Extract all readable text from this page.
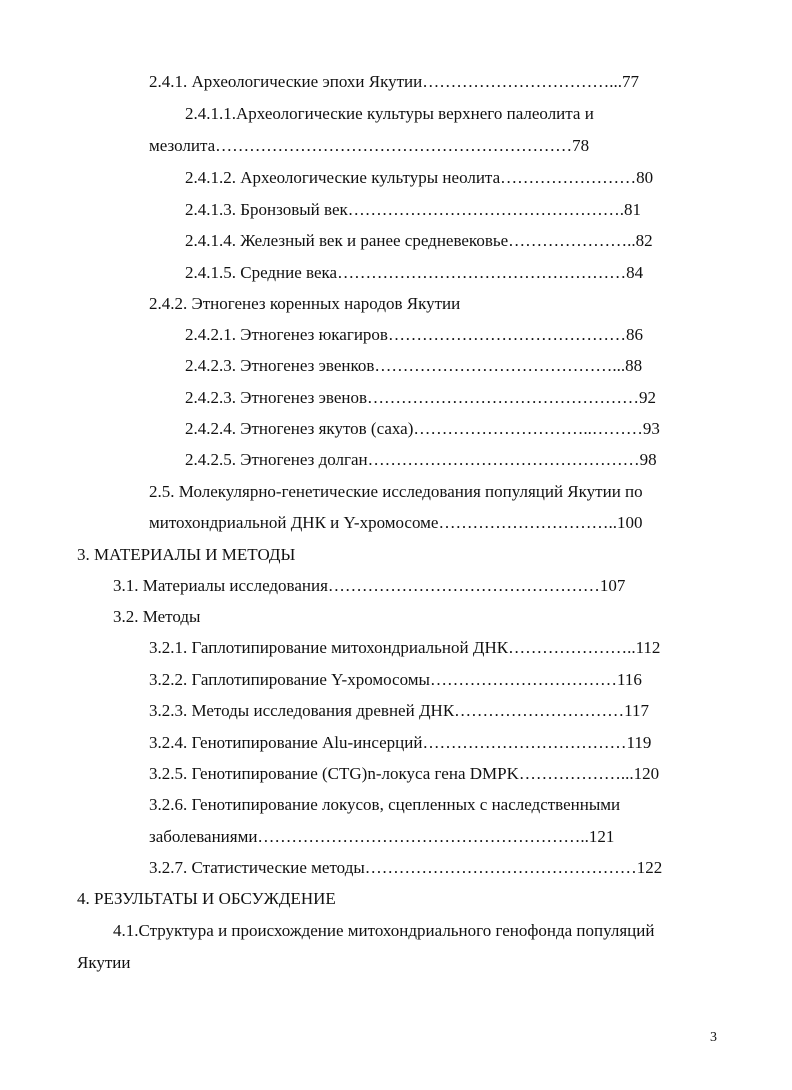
2.4.1. Археологические эпохи Якутии……………………………...77
2.4.1.1.Археологические культуры верхнего палеолита и
мезолита………………………………………………………78
2.4.1.2. Археологические культуры неолита……………………80
2.4.1.3. Бронзовый век………………………………………….81
2.4.1.4. Железный век и ранее средневековье…………………..82
2.4.1.5. Средние века……………………………………………84
2.4.2. Этногенез коренных народов Якутии
2.4.2.1. Этногенез юкагиров……………………………………86
2.4.2.3. Этногенез эвенков……………………………………...88
2.4.2.3. Этногенез эвенов…………………………………………92
2.4.2.4. Этногенез якутов (саха)…………………………..………93
2.4.2.5. Этногенез долган…………………………………………98
2.5. Молекулярно-генетические исследования популяций Якутии по
митохондриальной ДНК и Y-хромосоме…………………………..100
3. МАТЕРИАЛЫ И МЕТОДЫ
3.1. Материалы исследования…………………………………………107
3.2. Методы
3.2.1. Гаплотипирование митохондриальной ДНК…………………..112
3.2.2. Гаплотипирование Y-хромосомы……………………………116
3.2.3. Методы исследования древней ДНК…………………………117
3.2.4. Генотипирование Alu-инсерций………………………………119
3.2.5. Генотипирование (CTG)n-локуса гена DMPK………………...120
3.2.6. Генотипирование локусов, сцепленных с наследственными
заболеваниями…………………………………………………..121
3.2.7. Статистические методы…………………………………………122
4. РЕЗУЛЬТАТЫ И ОБСУЖДЕНИЕ
4.1.Структура и происхождение митохондриального генофонда популяций
Якутии
3
